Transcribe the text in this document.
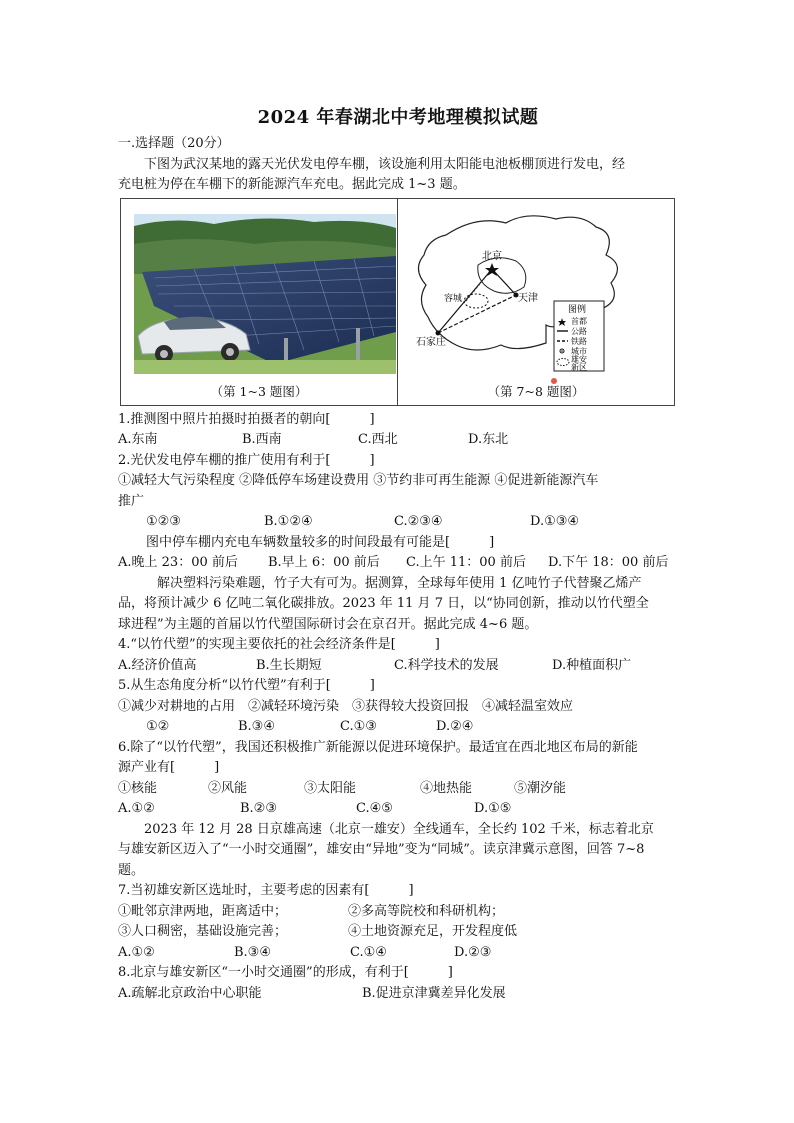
2024 年春湖北中考地理模拟试题
一.选择题（20分）
下图为武汉某地的露天光伏发电停车棚，该设施利用太阳能电池板棚顶进行发电，经
充电桩为停在车棚下的新能源汽车充电。据此完成 1~3 题。
（第 1~3 题图）
北京
天津
石家庄
容城
图例
首都
公路
铁路
城市
雄安
新区
（第 7~8 题图）
1.推测图中照片拍摄时拍摄者的朝向[　　　]
A.东南	B.西南	C.西北	D.东北
2.光伏发电停车棚的推广使用有利于[　　　]
①减轻大气污染程度 ②降低停车场建设费用 ③节约非可再生能源 ④促进新能源汽车
推广
①②③	B.①②④	C.②③④	D.①③④
图中停车棚内充电车辆数量较多的时间段最有可能是[　　　]
A.晚上 23：00 前后	B.早上 6：00 前后	C.上午 11：00 前后	D.下午 18：00 前后
解决塑料污染难题，竹子大有可为。据测算，全球每年使用 1 亿吨竹子代替聚乙烯产
品，将预计减少 6 亿吨二氧化碳排放。2023 年 11 月 7 日，以“协同创新，推动以竹代塑全
球进程”为主题的首届以竹代塑国际研讨会在京召开。据此完成 4~6 题。
4.“以竹代塑”的实现主要依托的社会经济条件是[　　　]
A.经济价值高	B.生长期短	C.科学技术的发展	D.种植面积广
5.从生态角度分析“以竹代塑”有利于[　　　]
①减少对耕地的占用　②减轻环境污染　③获得较大投资回报　④减轻温室效应
①②	B.③④	C.①③	D.②④
6.除了“以竹代塑”，我国还积极推广新能源以促进环境保护。最适宜在西北地区布局的新能
源产业有[　　　]
①核能	②风能	③太阳能	④地热能	⑤潮汐能
A.①②	B.②③	C.④⑤	D.①⑤
2023 年 12 月 28 日京雄高速（北京一雄安）全线通车，全长约 102 千米，标志着北京
与雄安新区迈入了“一小时交通圈”，雄安由“异地”变为“同城”。读京津冀示意图，回答 7~8
题。
7.当初雄安新区选址时，主要考虑的因素有[　　　]
①毗邻京津两地，距离适中；	②多高等院校和科研机构；
③人口稠密，基础设施完善；	④土地资源充足，开发程度低
A.①②	B.③④	C.①④	D.②③
8.北京与雄安新区“一小时交通圈”的形成，有利于[　　　]
A.疏解北京政治中心职能	B.促进京津冀差异化发展
